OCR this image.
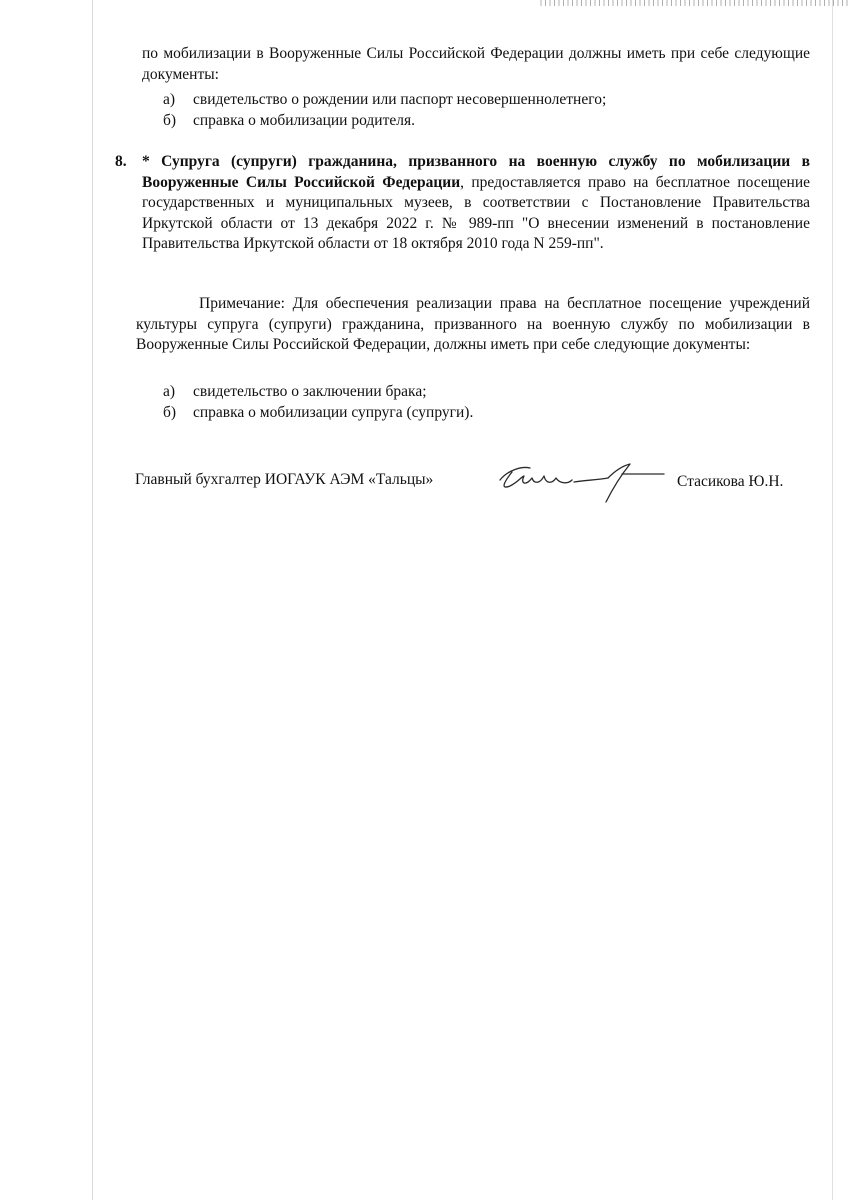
по мобилизации в Вооруженные Силы Российской Федерации должны иметь при себе следующие документы:
а) свидетельство о рождении или паспорт несовершеннолетнего;
б) справка о мобилизации родителя.
8. * Супруга (супруги) гражданина, призванного на военную службу по мобилизации в Вооруженные Силы Российской Федерации, предоставляется право на бесплатное посещение государственных и муниципальных музеев, в соответствии с Постановление Правительства Иркутской области от 13 декабря 2022 г. № 989-пп "О внесении изменений в постановление Правительства Иркутской области от 18 октября 2010 года N 259-пп".
Примечание: Для обеспечения реализации права на бесплатное посещение учреждений культуры супруга (супруги) гражданина, призванного на военную службу по мобилизации в Вооруженные Силы Российской Федерации, должны иметь при себе следующие документы:
а) свидетельство о заключении брака;
б) справка о мобилизации супруга (супруги).
Главный бухгалтер ИОГАУК АЭМ «Тальцы»	Стасикова Ю.Н.
